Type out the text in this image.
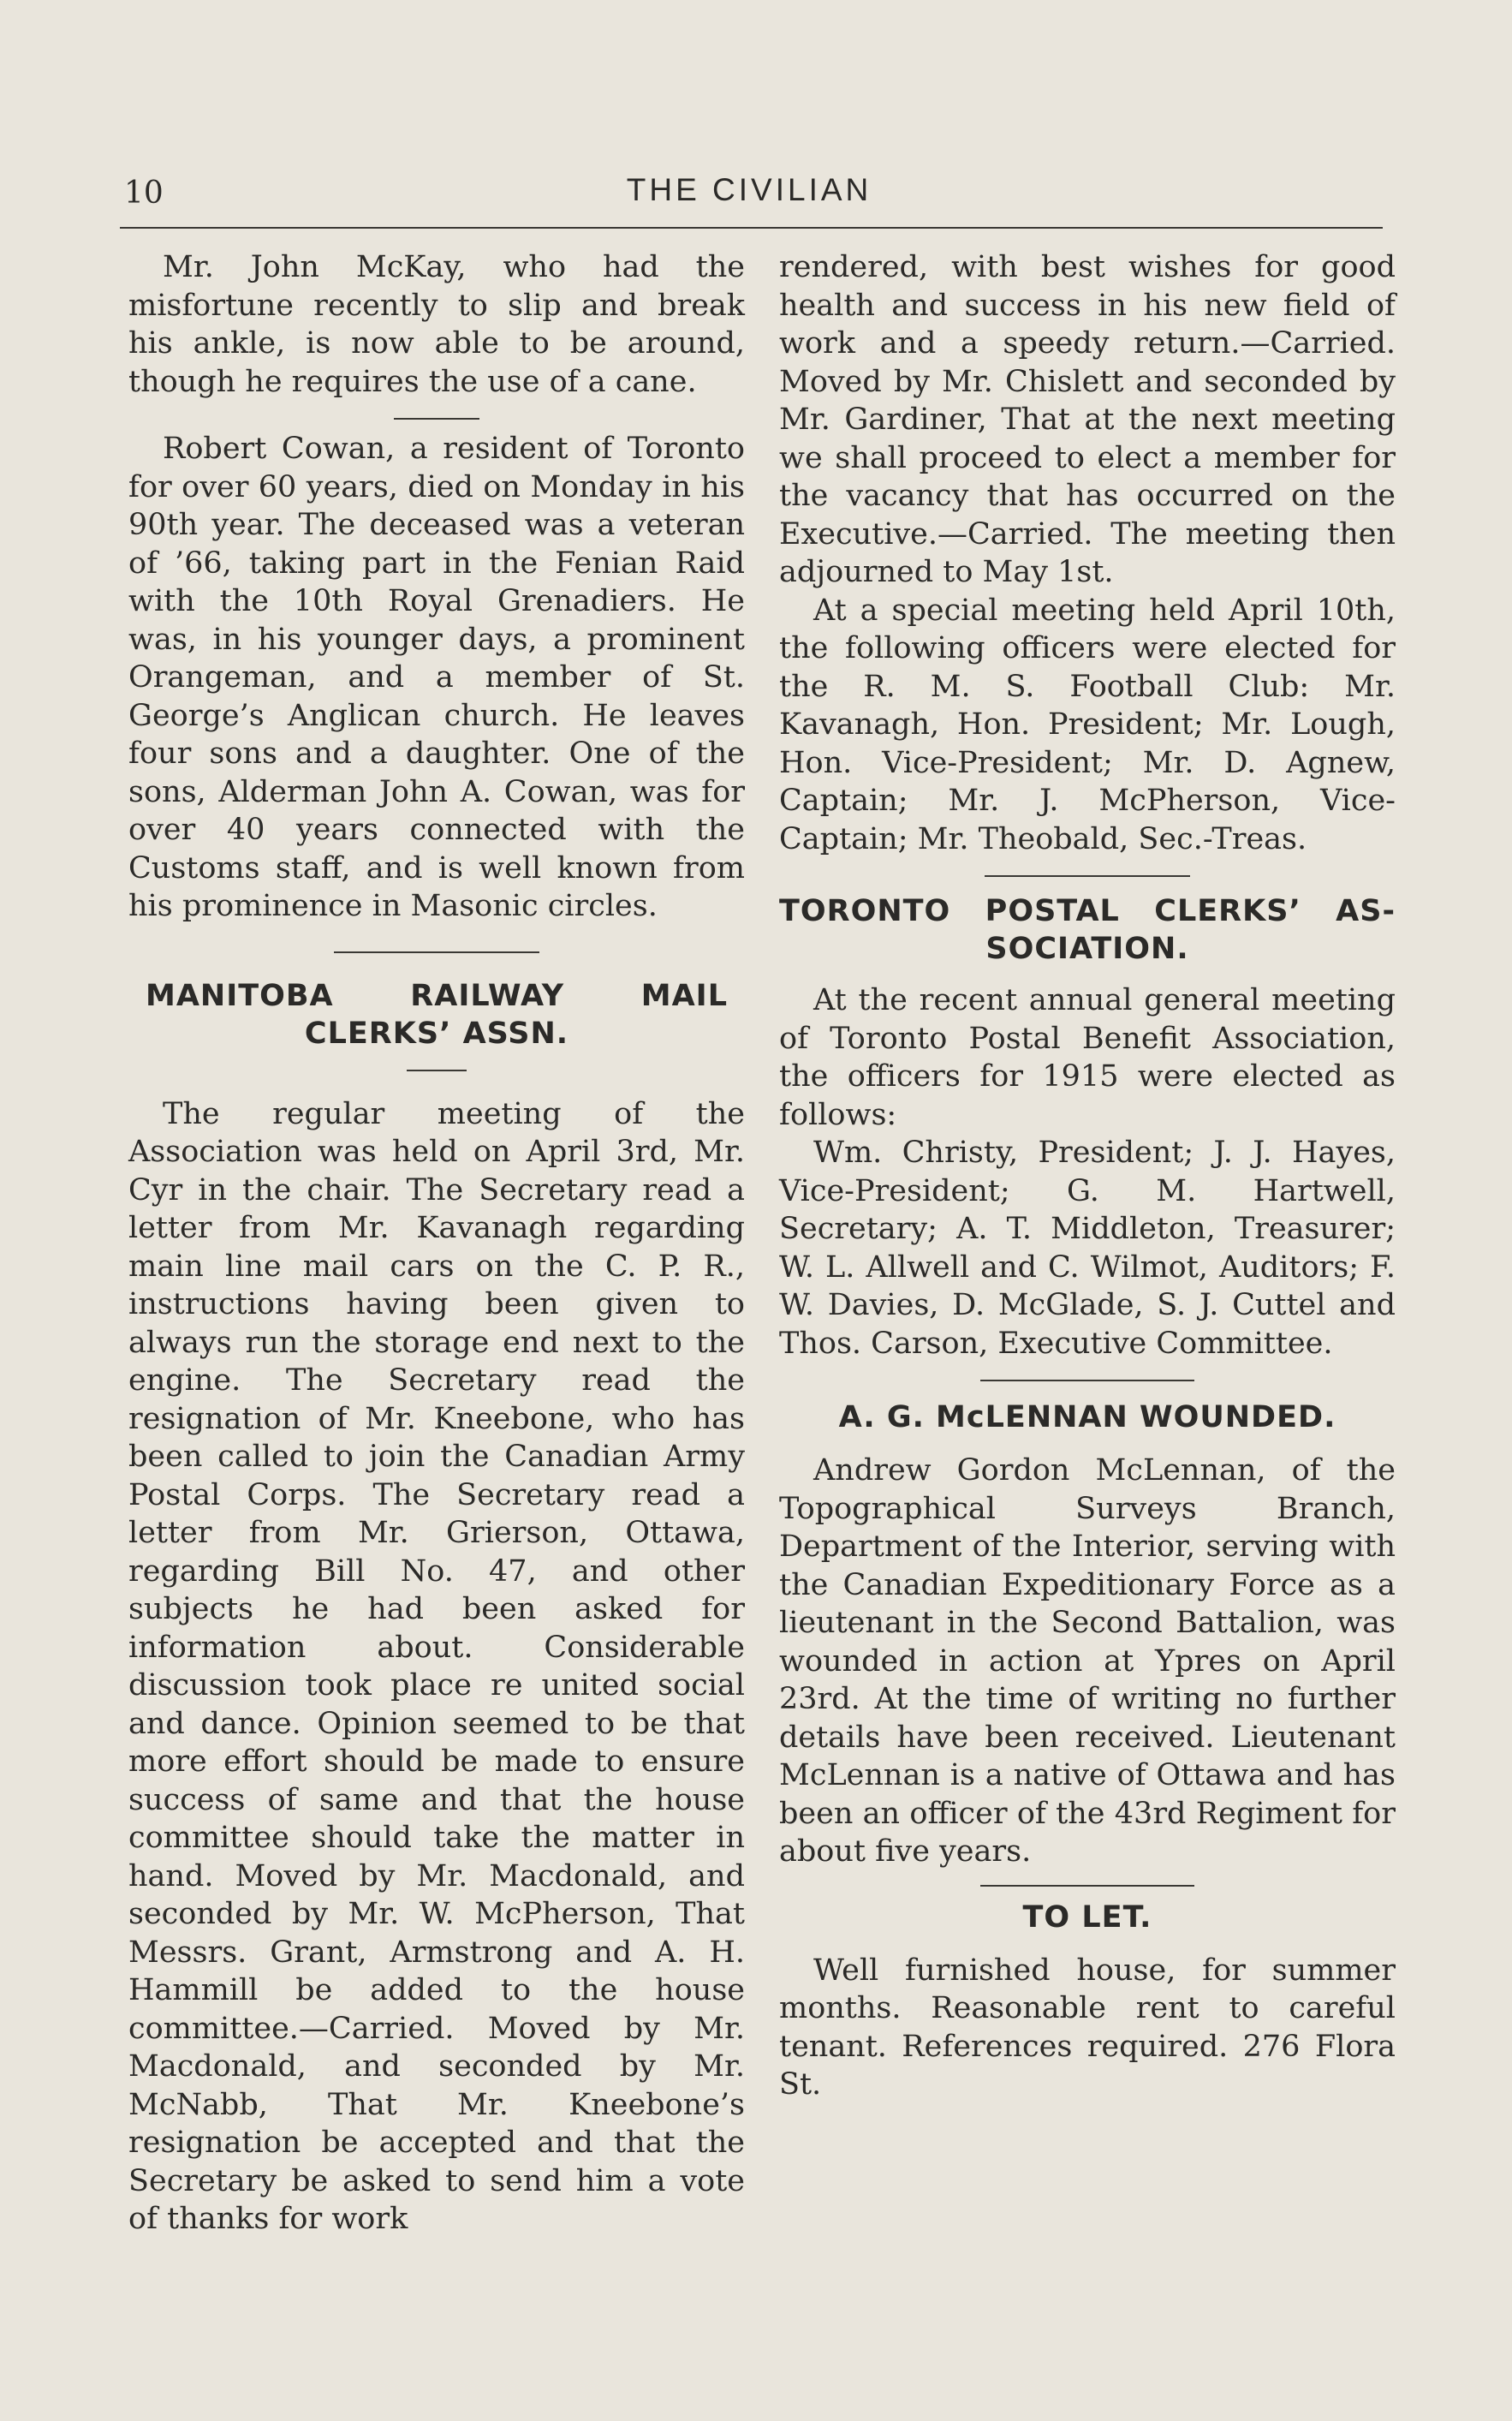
10	THE CIVILIAN

Mr. John McKay, who had the misfortune recently to slip and break his ankle, is now able to be around, though he requires the use of a cane.

Robert Cowan, a resident of Toronto for over 60 years, died on Monday in his 90th year. The deceased was a veteran of ’66, taking part in the Fenian Raid with the 10th Royal Grenadiers. He was, in his younger days, a prominent Orangeman, and a member of St. George’s Anglican church. He leaves four sons and a daughter. One of the sons, Alderman John A. Cowan, was for over 40 years connected with the Customs staff, and is well known from his prominence in Masonic circles.

MANITOBA RAILWAY MAIL
CLERKS’ ASSN.

The regular meeting of the Association was held on April 3rd, Mr. Cyr in the chair. The Secretary read a letter from Mr. Kavanagh regarding main line mail cars on the C. P. R., instructions having been given to always run the storage end next to the engine. The Secretary read the resignation of Mr. Kneebone, who has been called to join the Canadian Army Postal Corps. The Secretary read a letter from Mr. Grierson, Ottawa, regarding Bill No. 47, and other subjects he had been asked for information about. Considerable discussion took place re united social and dance. Opinion seemed to be that more effort should be made to ensure success of same and that the house committee should take the matter in hand. Moved by Mr. Macdonald, and seconded by Mr. W. McPherson, That Messrs. Grant, Armstrong and A. H. Hammill be added to the house committee.—Carried. Moved by Mr. Macdonald, and seconded by Mr. McNabb, That Mr. Kneebone’s resignation be accepted and that the Secretary be asked to send him a vote of thanks for work

rendered, with best wishes for good health and success in his new field of work and a speedy return.—Carried. Moved by Mr. Chislett and seconded by Mr. Gardiner, That at the next meeting we shall proceed to elect a member for the vacancy that has occurred on the Executive.—Carried. The meeting then adjourned to May 1st.

At a special meeting held April 10th, the following officers were elected for the R. M. S. Football Club: Mr. Kavanagh, Hon. President; Mr. Lough, Hon. Vice-President; Mr. D. Agnew, Captain; Mr. J. McPherson, Vice-Captain; Mr. Theobald, Sec.-Treas.

TORONTO POSTAL CLERKS’ AS-
SOCIATION.

At the recent annual general meeting of Toronto Postal Benefit Association, the officers for 1915 were elected as follows:

Wm. Christy, President; J. J. Hayes, Vice-President; G. M. Hartwell, Secretary; A. T. Middleton, Treasurer; W. L. Allwell and C. Wilmot, Auditors; F. W. Davies, D. McGlade, S. J. Cuttel and Thos. Carson, Executive Committee.

A. G. McLENNAN WOUNDED.

Andrew Gordon McLennan, of the Topographical Surveys Branch, Department of the Interior, serving with the Canadian Expeditionary Force as a lieutenant in the Second Battalion, was wounded in action at Ypres on April 23rd. At the time of writing no further details have been received. Lieutenant McLennan is a native of Ottawa and has been an officer of the 43rd Regiment for about five years.

TO LET.

Well furnished house, for summer months. Reasonable rent to careful tenant. References required. 276 Flora St.
